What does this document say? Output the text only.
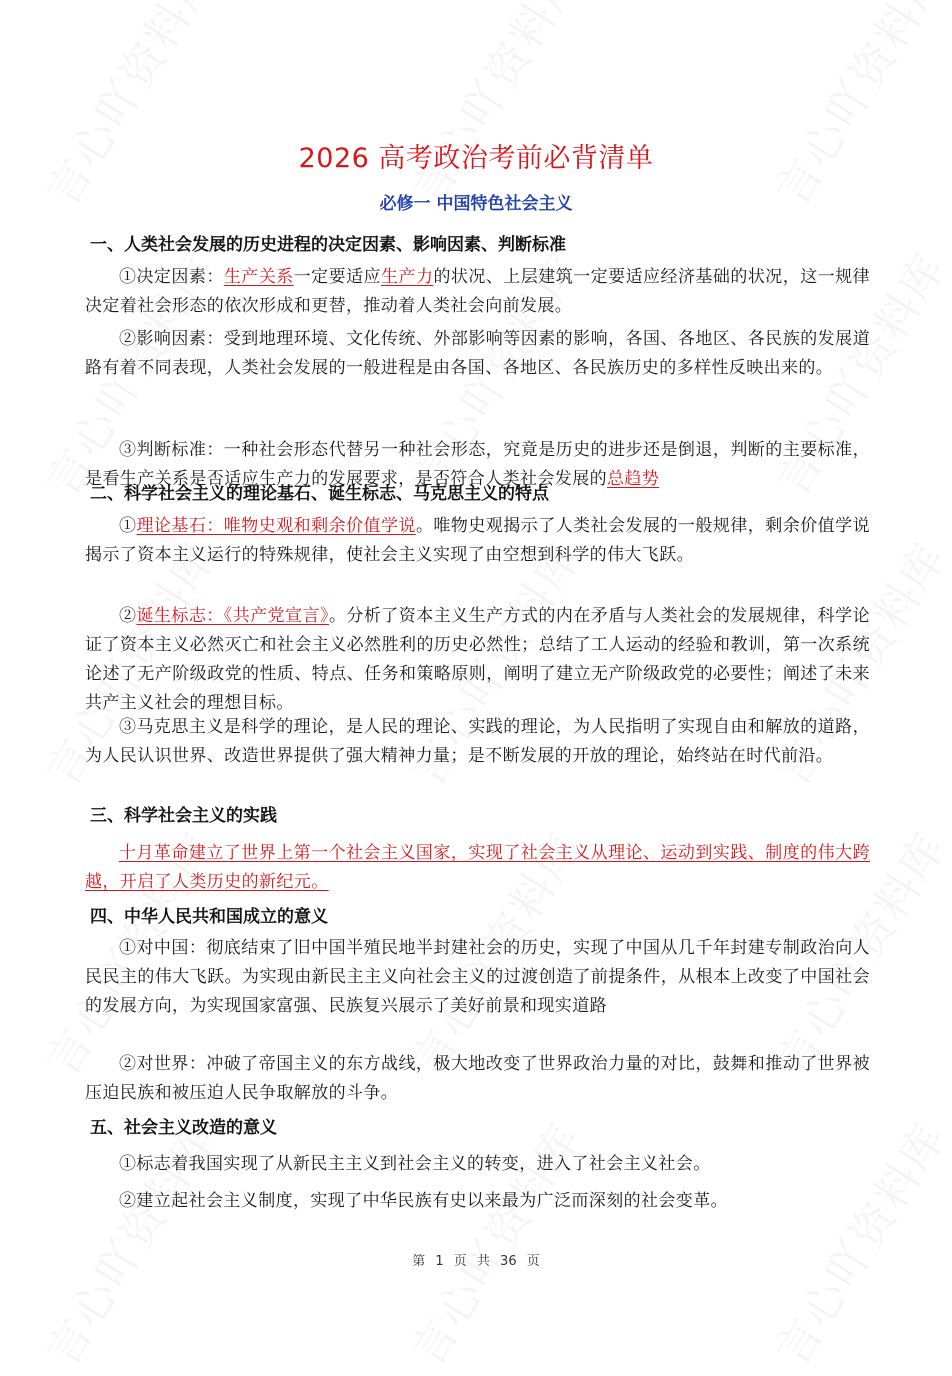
2026 高考政治考前必背清单
必修一 中国特色社会主义
一、人类社会发展的历史进程的决定因素、影响因素、判断标准
①决定因素：生产关系一定要适应生产力的状况、上层建筑一定要适应经济基础的状况，这一规律决定着社会形态的依次形成和更替，推动着人类社会向前发展。
②影响因素：受到地理环境、文化传统、外部影响等因素的影响，各国、各地区、各民族的发展道路有着不同表现，人类社会发展的一般进程是由各国、各地区、各民族历史的多样性反映出来的。
③判断标准：一种社会形态代替另一种社会形态，究竟是历史的进步还是倒退，判断的主要标准，是看生产关系是否适应生产力的发展要求，是否符合人类社会发展的总趋势
二、科学社会主义的理论基石、诞生标志、马克思主义的特点
①理论基石：唯物史观和剩余价值学说。唯物史观揭示了人类社会发展的一般规律，剩余价值学说揭示了资本主义运行的特殊规律，使社会主义实现了由空想到科学的伟大飞跃。
②诞生标志：《共产党宣言》。分析了资本主义生产方式的内在矛盾与人类社会的发展规律，科学论证了资本主义必然灭亡和社会主义必然胜利的历史必然性；总结了工人运动的经验和教训，第一次系统论述了无产阶级政党的性质、特点、任务和策略原则，阐明了建立无产阶级政党的必要性；阐述了未来共产主义社会的理想目标。
③马克思主义是科学的理论，是人民的理论、实践的理论，为人民指明了实现自由和解放的道路，为人民认识世界、改造世界提供了强大精神力量；是不断发展的开放的理论，始终站在时代前沿。
三、科学社会主义的实践
十月革命建立了世界上第一个社会主义国家，实现了社会主义从理论、运动到实践、制度的伟大跨越，开启了人类历史的新纪元。
四、中华人民共和国成立的意义
①对中国：彻底结束了旧中国半殖民地半封建社会的历史，实现了中国从几千年封建专制政治向人民民主的伟大飞跃。为实现由新民主主义向社会主义的过渡创造了前提条件，从根本上改变了中国社会的发展方向，为实现国家富强、民族复兴展示了美好前景和现实道路
②对世界：冲破了帝国主义的东方战线，极大地改变了世界政治力量的对比，鼓舞和推动了世界被压迫民族和被压迫人民争取解放的斗争。
五、社会主义改造的意义
①标志着我国实现了从新民主主义到社会主义的转变，进入了社会主义社会。
②建立起社会主义制度，实现了中华民族有史以来最为广泛而深刻的社会变革。
第 1 页 共 36 页
